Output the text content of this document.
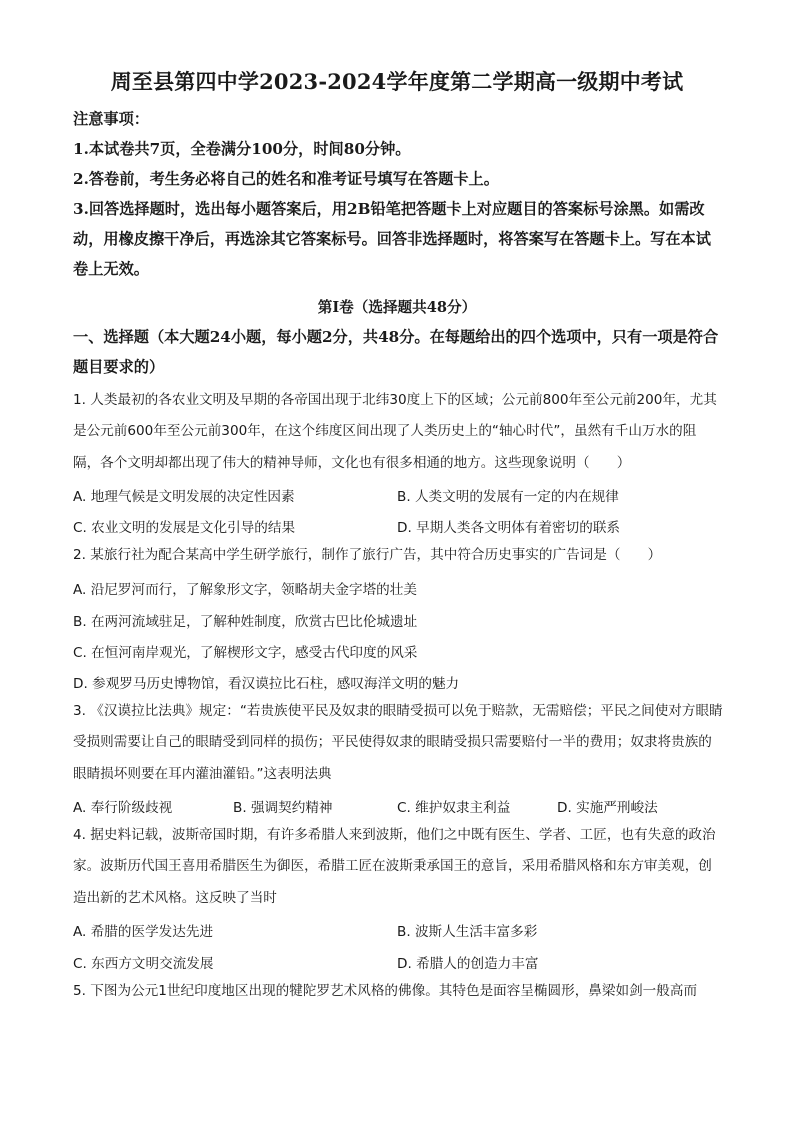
周至县第四中学2023-2024学年度第二学期高一级期中考试
注意事项：
1.本试卷共7页，全卷满分100分，时间80分钟。
2.答卷前，考生务必将自己的姓名和准考证号填写在答题卡上。
3.回答选择题时，选出每小题答案后，用2B铅笔把答题卡上对应题目的答案标号涂黑。如需改动，用橡皮擦干净后，再选涂其它答案标号。回答非选择题时，将答案写在答题卡上。写在本试卷上无效。
第Ⅰ卷（选择题共48分）
一、选择题（本大题24小题，每小题2分，共48分。在每题给出的四个选项中，只有一项是符合题目要求的）
1. 人类最初的各农业文明及早期的各帝国出现于北纬30度上下的区域；公元前800年至公元前200年，尤其是公元前600年至公元前300年，在这个纬度区间出现了人类历史上的“轴心时代”，虽然有千山万水的阻隔，各个文明却都出现了伟大的精神导师，文化也有很多相通的地方。这些现象说明（　　）
A. 地理气候是文明发展的决定性因素	B. 人类文明的发展有一定的内在规律
C. 农业文明的发展是文化引导的结果	D. 早期人类各文明体有着密切的联系
2. 某旅行社为配合某高中学生研学旅行，制作了旅行广告，其中符合历史事实的广告词是（　　）
A. 沿尼罗河而行，了解象形文字，领略胡夫金字塔的壮美
B. 在两河流域驻足，了解种姓制度，欣赏古巴比伦城遗址
C. 在恒河南岸观光，了解楔形文字，感受古代印度的风采
D. 参观罗马历史博物馆，看汉谟拉比石柱，感叹海洋文明的魅力
3. 《汉谟拉比法典》规定：“若贵族使平民及奴隶的眼睛受损可以免于赔款，无需赔偿；平民之间使对方眼睛受损则需要让自己的眼睛受到同样的损伤；平民使得奴隶的眼睛受损只需要赔付一半的费用；奴隶将贵族的眼睛损坏则要在耳内灌油灌铅。”这表明法典
A. 奉行阶级歧视	B. 强调契约精神	C. 维护奴隶主利益	D. 实施严刑峻法
4. 据史料记载，波斯帝国时期，有许多希腊人来到波斯，他们之中既有医生、学者、工匠，也有失意的政治家。波斯历代国王喜用希腊医生为御医，希腊工匠在波斯秉承国王的意旨，采用希腊风格和东方审美观，创造出新的艺术风格。这反映了当时
A. 希腊的医学发达先进	B. 波斯人生活丰富多彩
C. 东西方文明交流发展	D. 希腊人的创造力丰富
5. 下图为公元1世纪印度地区出现的犍陀罗艺术风格的佛像。其特色是面容呈椭圆形，鼻梁如剑一般高而
